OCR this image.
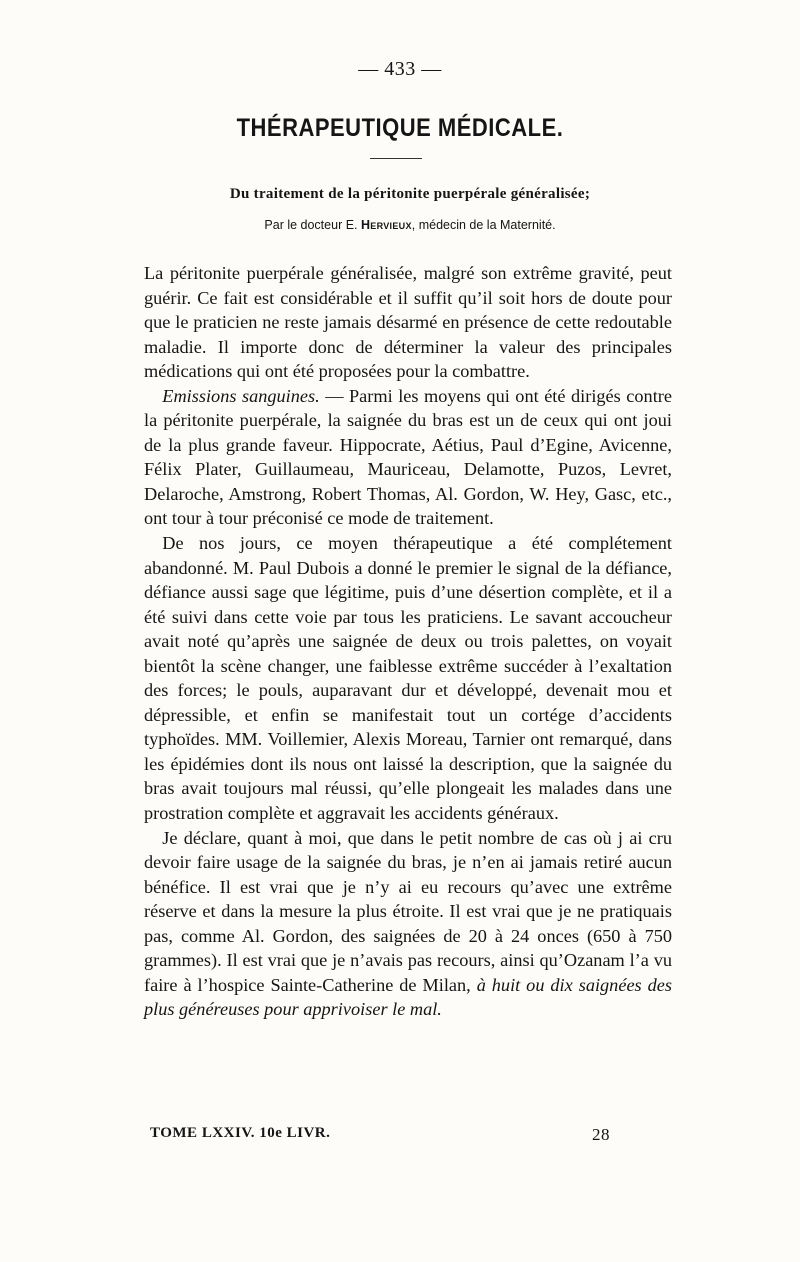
— 433 —
THÉRAPEUTIQUE MÉDICALE.
Du traitement de la péritonite puerpérale généralisée;
Par le docteur E. Hervieux, médecin de la Maternité.

La péritonite puerpérale généralisée, malgré son extrême gravité, peut guérir. Ce fait est considérable et il suffit qu’il soit hors de doute pour que le praticien ne reste jamais désarmé en présence de cette redoutable maladie. Il importe donc de déterminer la valeur des principales médications qui ont été proposées pour la combattre.

Emissions sanguines. — Parmi les moyens qui ont été dirigés contre la péritonite puerpérale, la saignée du bras est un de ceux qui ont joui de la plus grande faveur. Hippocrate, Aétius, Paul d’Egine, Avicenne, Félix Plater, Guillaumeau, Mauriceau, Delamotte, Puzos, Levret, Delaroche, Amstrong, Robert Thomas, Al. Gordon, W. Hey, Gasc, etc., ont tour à tour préconisé ce mode de traitement.

De nos jours, ce moyen thérapeutique a été complétement abandonné. M. Paul Dubois a donné le premier le signal de la défiance, défiance aussi sage que légitime, puis d’une désertion complète, et il a été suivi dans cette voie par tous les praticiens. Le savant accoucheur avait noté qu’après une saignée de deux ou trois palettes, on voyait bientôt la scène changer, une faiblesse extrême succéder à l’exaltation des forces; le pouls, auparavant dur et développé, devenait mou et dépressible, et enfin se manifestait tout un cortége d’accidents typhoïdes. MM. Voillemier, Alexis Moreau, Tarnier ont remarqué, dans les épidémies dont ils nous ont laissé la description, que la saignée du bras avait toujours mal réussi, qu’elle plongeait les malades dans une prostration complète et aggravait les accidents généraux.

Je déclare, quant à moi, que dans le petit nombre de cas où j ai cru devoir faire usage de la saignée du bras, je n’en ai jamais retiré aucun bénéfice. Il est vrai que je n’y ai eu recours qu’avec une extrême réserve et dans la mesure la plus étroite. Il est vrai que je ne pratiquais pas, comme Al. Gordon, des saignées de 20 à 24 onces (650 à 750 grammes). Il est vrai que je n’avais pas recours, ainsi qu’Ozanam l’a vu faire à l’hospice Sainte-Catherine de Milan, à huit ou dix saignées des plus généreuses pour apprivoiser le mal.

TOME LXXIV. 10e LIVR.	28
